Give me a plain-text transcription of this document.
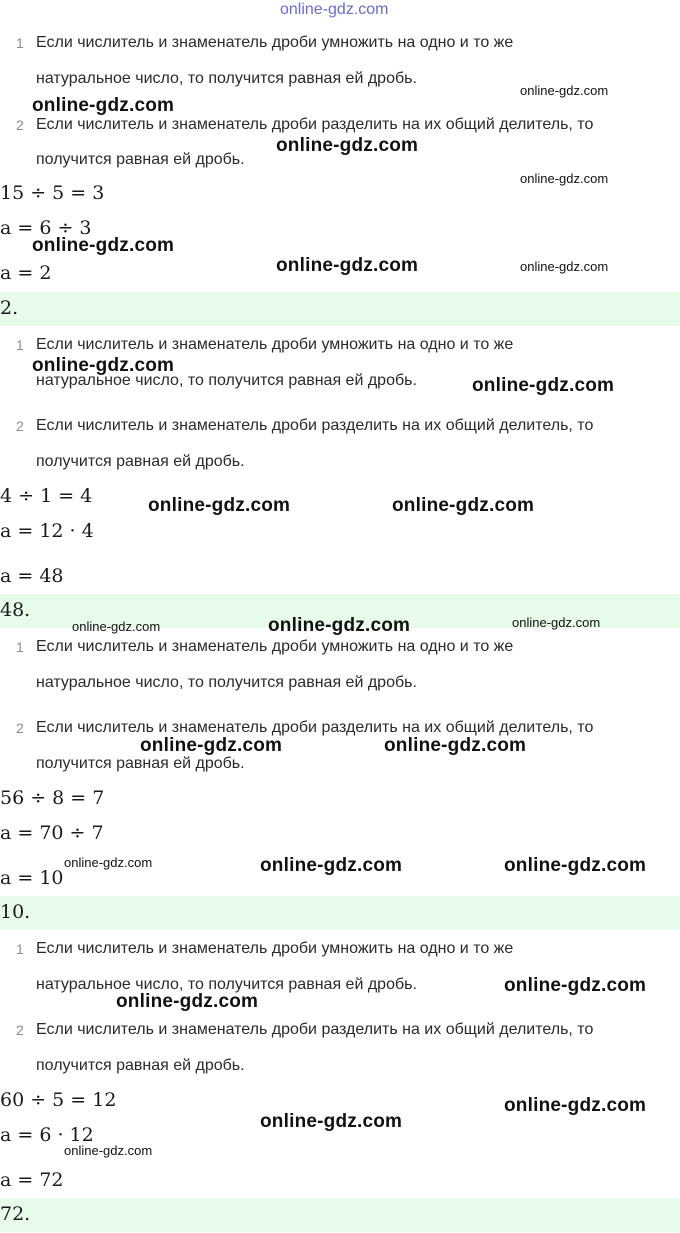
online-gdz.com
1 Если числитель и знаменатель дроби умножить на одно и то же
натуральное число, то получится равная ей дробь.
2 Если числитель и знаменатель дроби разделить на их общий делитель, то
получится равная ей дробь.
15 ÷ 5 = 3
a = 6 ÷ 3
a = 2
2.
1 Если числитель и знаменатель дроби умножить на одно и то же
натуральное число, то получится равная ей дробь.
2 Если числитель и знаменатель дроби разделить на их общий делитель, то
получится равная ей дробь.
4 ÷ 1 = 4
a = 12 · 4
a = 48
48.
1 Если числитель и знаменатель дроби умножить на одно и то же
натуральное число, то получится равная ей дробь.
2 Если числитель и знаменатель дроби разделить на их общий делитель, то
получится равная ей дробь.
56 ÷ 8 = 7
a = 70 ÷ 7
a = 10
10.
1 Если числитель и знаменатель дроби умножить на одно и то же
натуральное число, то получится равная ей дробь.
2 Если числитель и знаменатель дроби разделить на их общий делитель, то
получится равная ей дробь.
60 ÷ 5 = 12
a = 6 · 12
a = 72
72.
online-gdz.com
online-gdz.com
online-gdz.com
online-gdz.com
online-gdz.com
online-gdz.com	online-gdz.com
online-gdz.com
online-gdz.com
online-gdz.com	online-gdz.com
online-gdz.com	online-gdz.com	online-gdz.com
online-gdz.com	online-gdz.com
online-gdz.com	online-gdz.com	online-gdz.com
online-gdz.com
online-gdz.com
online-gdz.com
online-gdz.com
online-gdz.com
